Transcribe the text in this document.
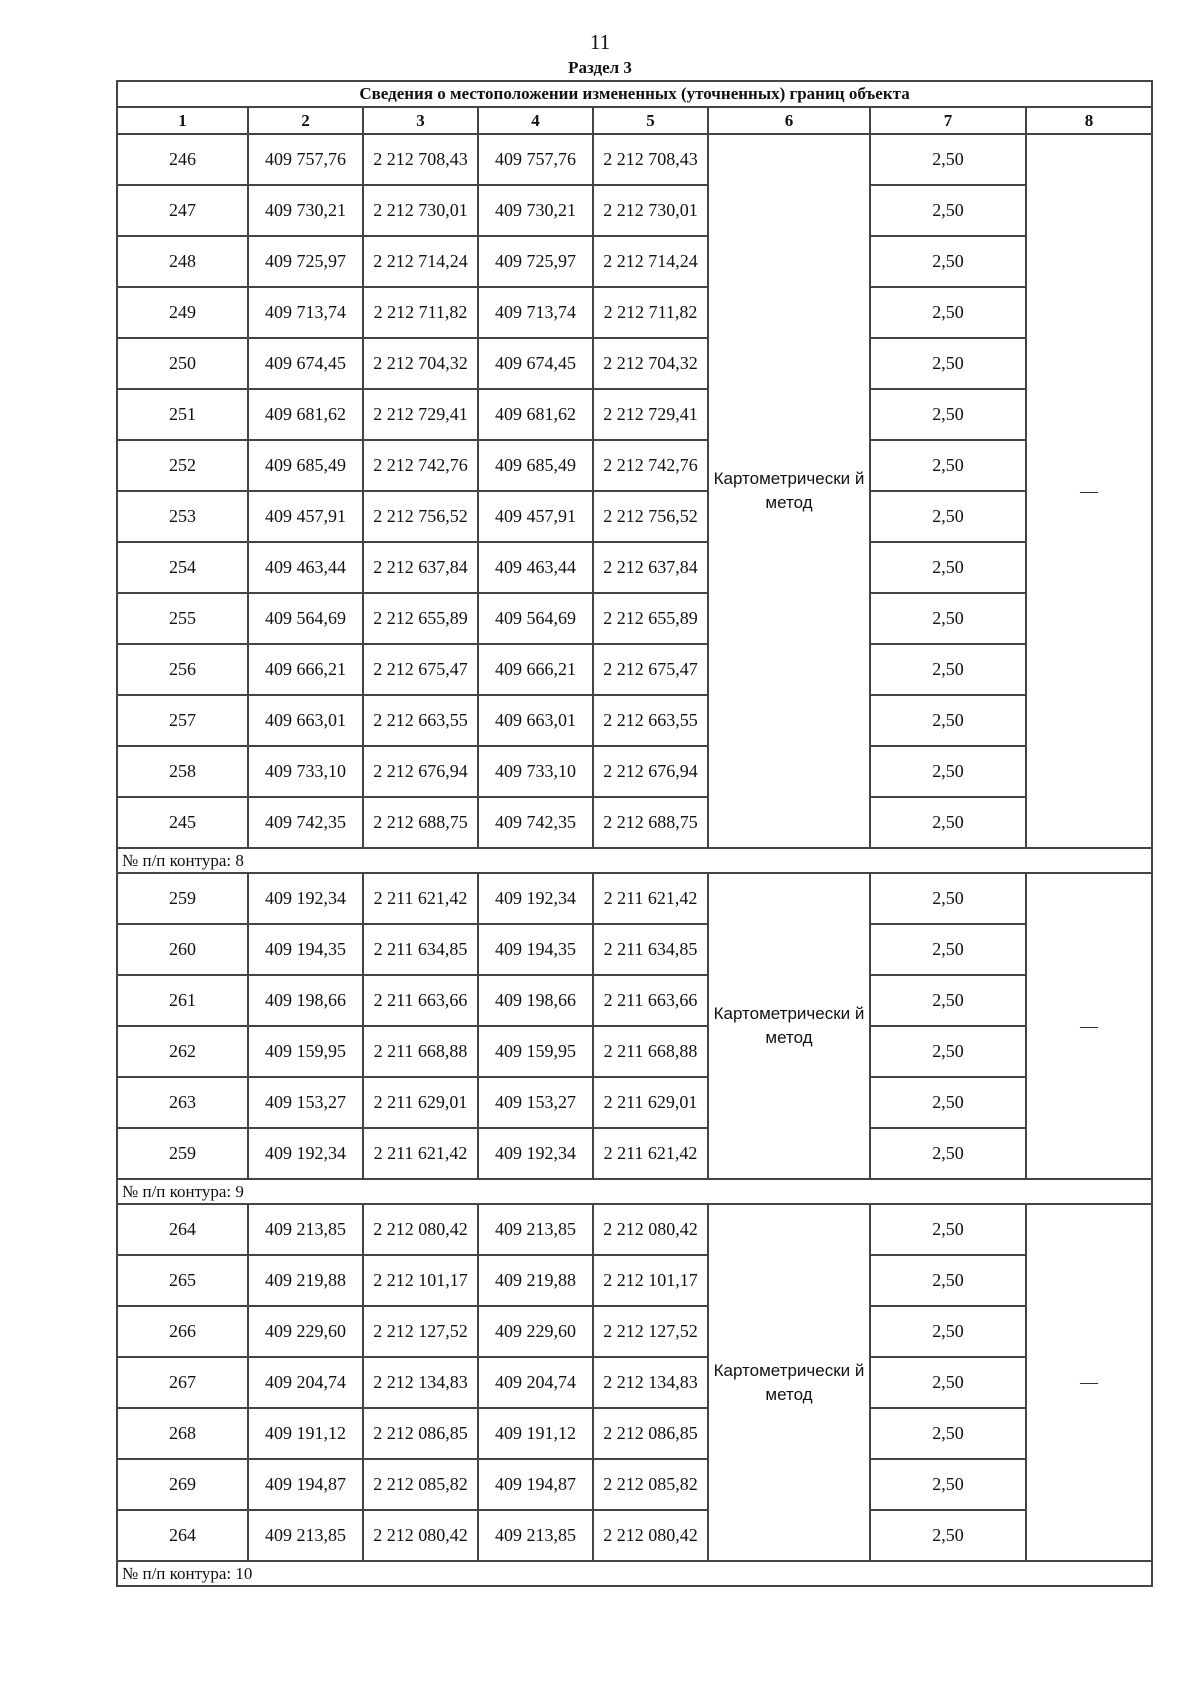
11
Раздел 3
Сведения о местоположении измененных (уточненных) границ объекта							
1	2	3	4	5	6	7	8
246	409 757,76	2 212 708,43	409 757,76	2 212 708,43	Картометрически й метод	2,50	—
247	409 730,21	2 212 730,01	409 730,21	2 212 730,01		2,50	
248	409 725,97	2 212 714,24	409 725,97	2 212 714,24		2,50	
249	409 713,74	2 212 711,82	409 713,74	2 212 711,82		2,50	
250	409 674,45	2 212 704,32	409 674,45	2 212 704,32		2,50	
251	409 681,62	2 212 729,41	409 681,62	2 212 729,41		2,50	
252	409 685,49	2 212 742,76	409 685,49	2 212 742,76		2,50	
253	409 457,91	2 212 756,52	409 457,91	2 212 756,52		2,50	
254	409 463,44	2 212 637,84	409 463,44	2 212 637,84		2,50	
255	409 564,69	2 212 655,89	409 564,69	2 212 655,89		2,50	
256	409 666,21	2 212 675,47	409 666,21	2 212 675,47		2,50	
257	409 663,01	2 212 663,55	409 663,01	2 212 663,55		2,50	
258	409 733,10	2 212 676,94	409 733,10	2 212 676,94		2,50	
245	409 742,35	2 212 688,75	409 742,35	2 212 688,75		2,50	
№ п/п контура: 8							
259	409 192,34	2 211 621,42	409 192,34	2 211 621,42	Картометрически й метод	2,50	—
260	409 194,35	2 211 634,85	409 194,35	2 211 634,85		2,50	
261	409 198,66	2 211 663,66	409 198,66	2 211 663,66		2,50	
262	409 159,95	2 211 668,88	409 159,95	2 211 668,88		2,50	
263	409 153,27	2 211 629,01	409 153,27	2 211 629,01		2,50	
259	409 192,34	2 211 621,42	409 192,34	2 211 621,42		2,50	
№ п/п контура: 9							
264	409 213,85	2 212 080,42	409 213,85	2 212 080,42	Картометрически й метод	2,50	—
265	409 219,88	2 212 101,17	409 219,88	2 212 101,17		2,50	
266	409 229,60	2 212 127,52	409 229,60	2 212 127,52		2,50	
267	409 204,74	2 212 134,83	409 204,74	2 212 134,83		2,50	
268	409 191,12	2 212 086,85	409 191,12	2 212 086,85		2,50	
269	409 194,87	2 212 085,82	409 194,87	2 212 085,82		2,50	
264	409 213,85	2 212 080,42	409 213,85	2 212 080,42		2,50	
№ п/п контура: 10							
